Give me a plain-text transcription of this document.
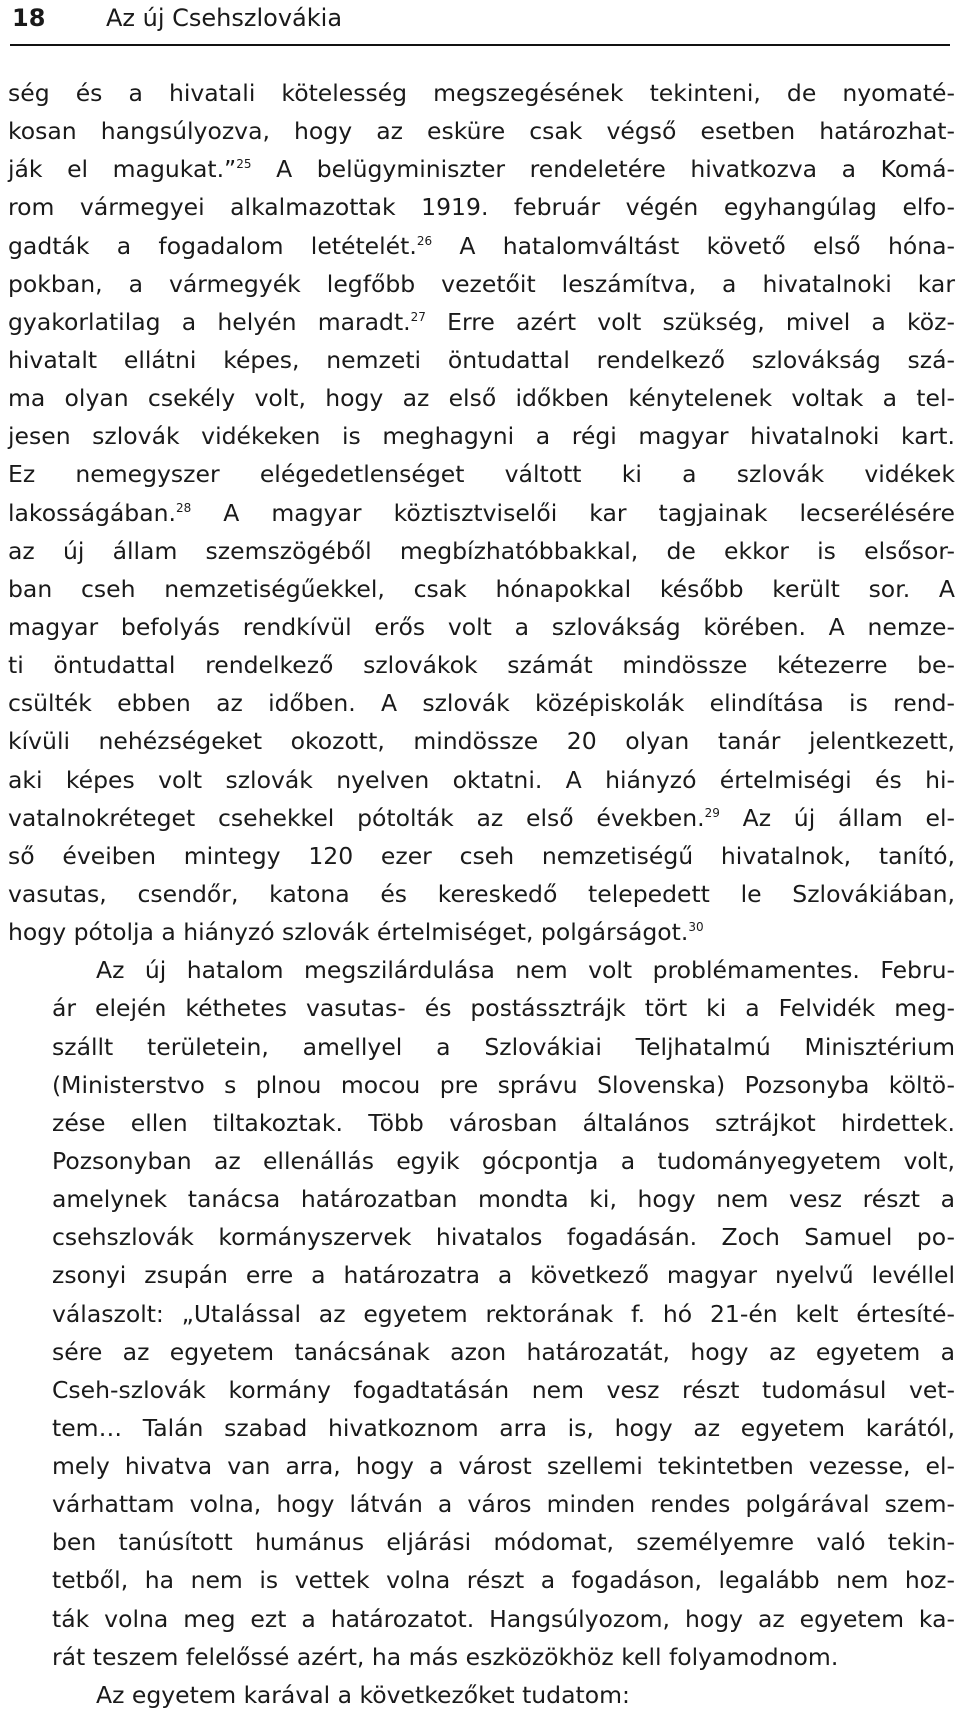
18	Az új Csehszlovákia

ség és a hivatali kötelesség megszegésének tekinteni, de nyomaté-
kosan hangsúlyozva, hogy az esküre csak végső esetben határozhat-
ják el magukat.”$^{25}$ A belügyminiszter rendeletére hivatkozva a Komá-
rom vármegyei alkalmazottak 1919. február végén egyhangúlag elfo-
gadták a fogadalom letételét.$^{26}$ A hatalomváltást követő első hóna-
pokban, a vármegyék legfőbb vezetőit leszámítva, a hivatalnoki kar
gyakorlatilag a helyén maradt.$^{27}$ Erre azért volt szükség, mivel a köz-
hivatalt ellátni képes, nemzeti öntudattal rendelkező szlovákság szá-
ma olyan csekély volt, hogy az első időkben kénytelenek voltak a tel-
jesen szlovák vidékeken is meghagyni a régi magyar hivatalnoki kart.
Ez nemegyszer elégedetlenséget váltott ki a szlovák vidékek
lakosságában.$^{28}$ A magyar köztisztviselői kar tagjainak lecserélésére
az új állam szemszögéből megbízhatóbbakkal, de ekkor is elsősor-
ban cseh nemzetiségűekkel, csak hónapokkal később került sor. A
magyar befolyás rendkívül erős volt a szlovákság körében. A nemze-
ti öntudattal rendelkező szlovákok számát mindössze kétezerre be-
csülték ebben az időben. A szlovák középiskolák elindítása is rend-
kívüli nehézségeket okozott, mindössze 20 olyan tanár jelentkezett,
aki képes volt szlovák nyelven oktatni. A hiányzó értelmiségi és hi-
vatalnokréteget csehekkel pótolták az első években.$^{29}$ Az új állam el-
ső éveiben mintegy 120 ezer cseh nemzetiségű hivatalnok, tanító,
vasutas, csendőr, katona és kereskedő telepedett le Szlovákiában,
hogy pótolja a hiányzó szlovák értelmiséget, polgárságot.$^{30}$

Az új hatalom megszilárdulása nem volt problémamentes. Febru-
ár elején kéthetes vasutas- és postássztrájk tört ki a Felvidék meg-
szállt területein, amellyel a Szlovákiai Teljhatalmú Minisztérium
(Ministerstvo s plnou mocou pre správu Slovenska) Pozsonyba költö-
zése ellen tiltakoztak. Több városban általános sztrájkot hirdettek.
Pozsonyban az ellenállás egyik gócpontja a tudományegyetem volt,
amelynek tanácsa határozatban mondta ki, hogy nem vesz részt a
csehszlovák kormányszervek hivatalos fogadásán. Zoch Samuel po-
zsonyi zsupán erre a határozatra a következő magyar nyelvű levéllel
válaszolt: „Utalással az egyetem rektorának f. hó 21-én kelt értesíté-
sére az egyetem tanácsának azon határozatát, hogy az egyetem a
Cseh-szlovák kormány fogadtatásán nem vesz részt tudomásul vet-
tem… Talán szabad hivatkoznom arra is, hogy az egyetem karától,
mely hivatva van arra, hogy a várost szellemi tekintetben vezesse, el-
várhattam volna, hogy látván a város minden rendes polgárával szem-
ben tanúsított humánus eljárási módomat, személyemre való tekin-
tetből, ha nem is vettek volna részt a fogadáson, legalább nem hoz-
ták volna meg ezt a határozatot. Hangsúlyozom, hogy az egyetem ka-
rát teszem felelőssé azért, ha más eszközökhöz kell folyamodnom.

Az egyetem karával a következőket tudatom:
